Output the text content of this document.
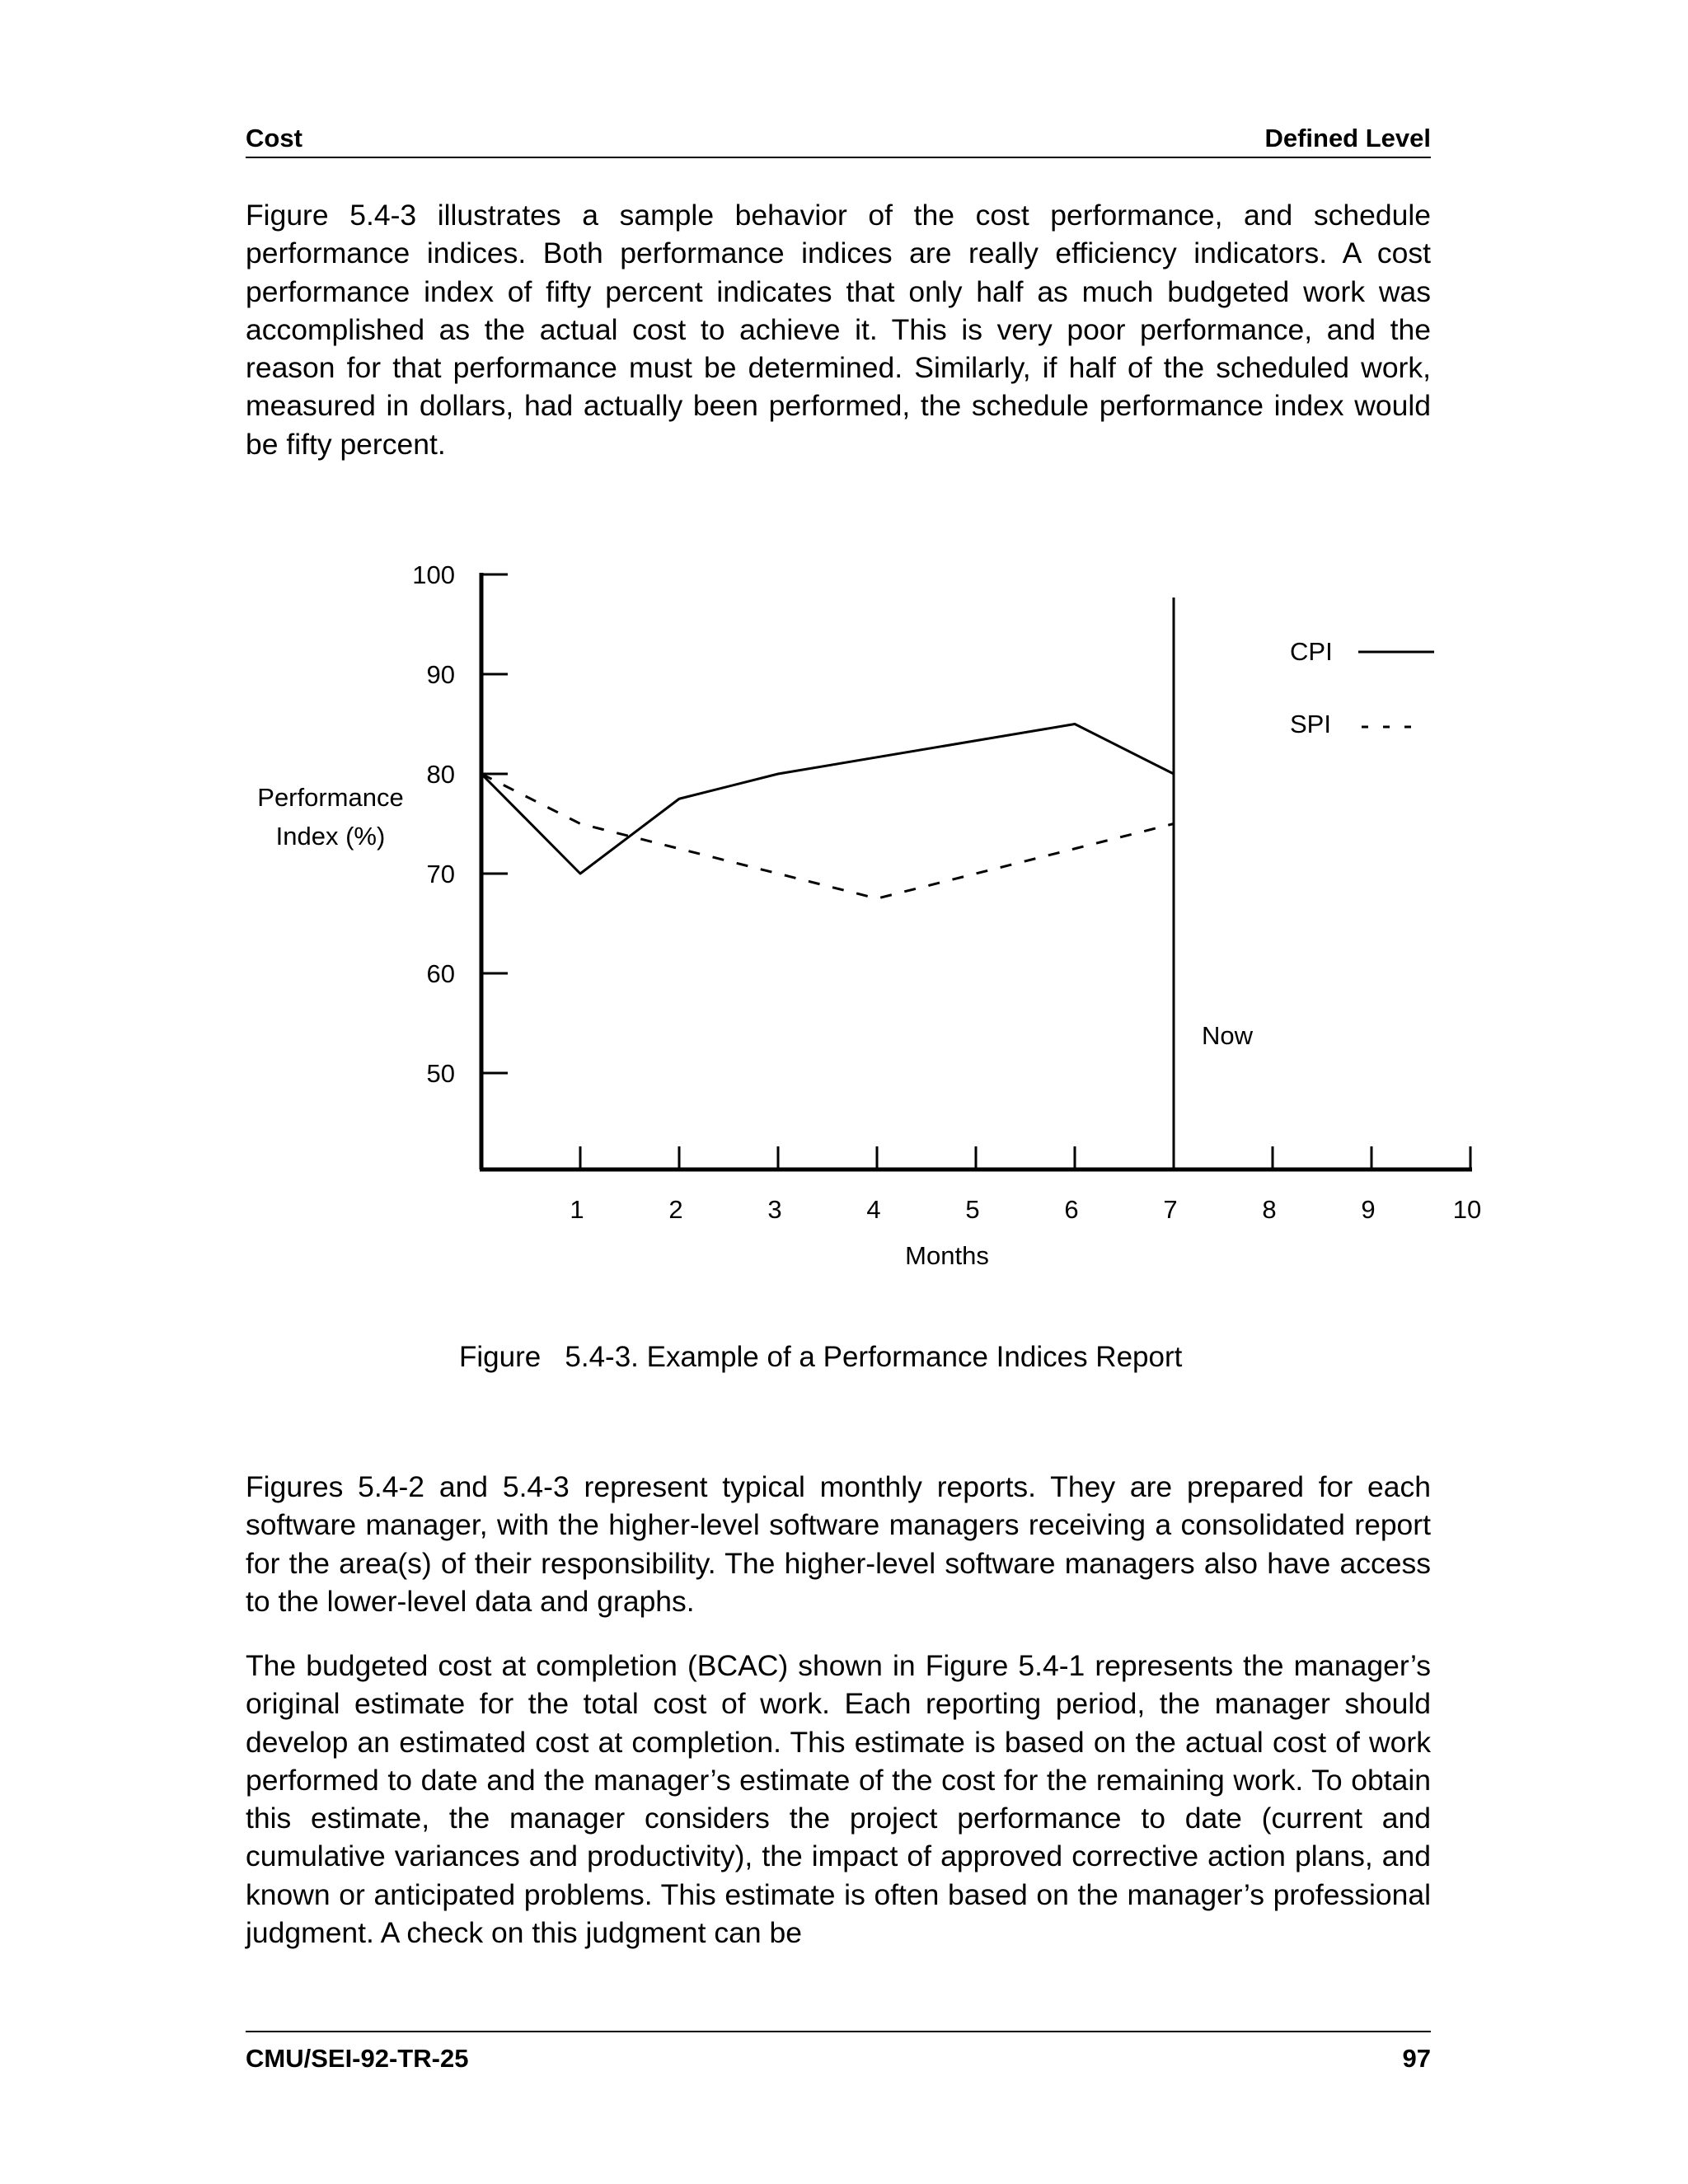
Cost	Defined Level

Figure 5.4-3 illustrates a sample behavior of the cost performance, and schedule performance indices. Both performance indices are really efficiency indicators. A cost performance index of fifty percent indicates that only half as much budgeted work was accomplished as the actual cost to achieve it. This is very poor performance, and the reason for that performance must be determined. Similarly, if half of the scheduled work, measured in dollars, had actually been performed, the schedule performance index would be fifty percent.

50
60
70
80
90
100
1	2	3	4	5	6	7	8	9	10
Months
Performance
Index (%)
Now
CPI
SPI
Figure   5.4-3. Example of a Performance Indices Report

Figures 5.4-2 and 5.4-3 represent typical monthly reports. They are prepared for each software manager, with the higher-level software managers receiving a consolidated report for the area(s) of their responsibility. The higher-level software managers also have access to the lower-level data and graphs.

The budgeted cost at completion (BCAC) shown in Figure 5.4-1 represents the manager’s original estimate for the total cost of work. Each reporting period, the manager should develop an estimated cost at completion. This estimate is based on the actual cost of work performed to date and the manager’s estimate of the cost for the remaining work. To obtain this estimate, the manager considers the project performance to date (current and cumulative variances and productivity), the impact of approved corrective action plans, and known or anticipated problems. This estimate is often based on the manager’s professional judgment. A check on this judgment can be

CMU/SEI-92-TR-25	97
